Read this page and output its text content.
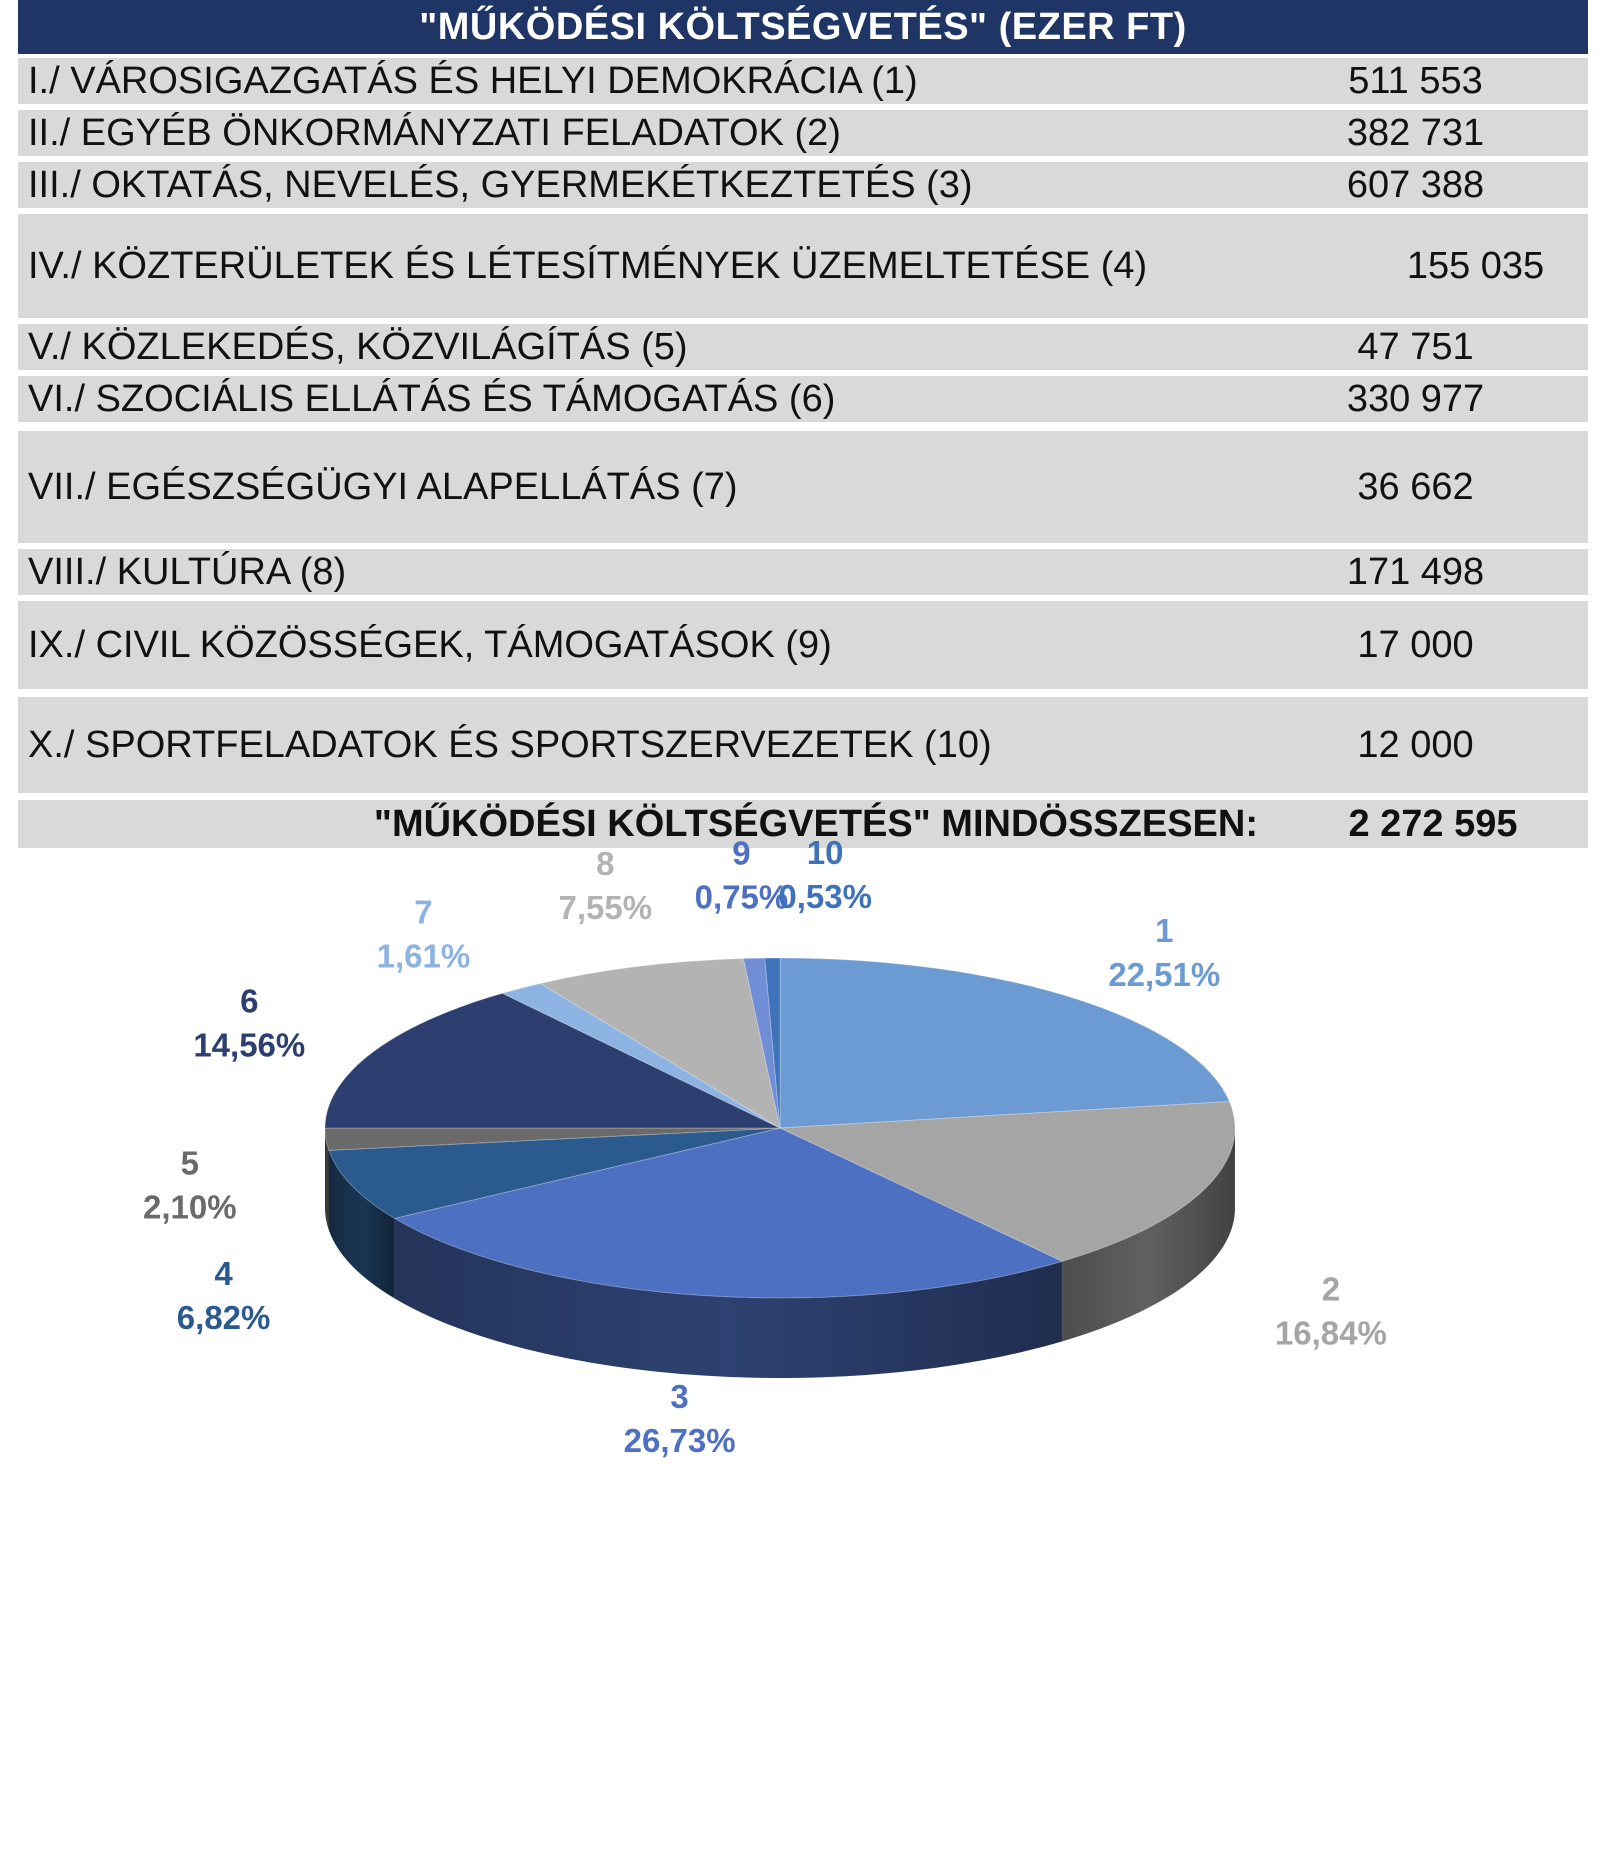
"MŰKÖDÉSI KÖLTSÉGVETÉS" (EZER FT)
I./ VÁROSIGAZGATÁS ÉS HELYI DEMOKRÁCIA (1)	511 553
II./ EGYÉB ÖNKORMÁNYZATI FELADATOK (2)	382 731
III./ OKTATÁS, NEVELÉS, GYERMEKÉTKEZTETÉS (3)	607 388
IV./ KÖZTERÜLETEK ÉS LÉTESÍTMÉNYEK ÜZEMELTETÉSE (4)	155 035
V./ KÖZLEKEDÉS, KÖZVILÁGÍTÁS (5)	47 751
VI./ SZOCIÁLIS ELLÁTÁS ÉS TÁMOGATÁS (6)	330 977
VII./ EGÉSZSÉGÜGYI ALAPELLÁTÁS (7)	36 662
VIII./ KULTÚRA (8)	171 498
IX./ CIVIL KÖZÖSSÉGEK, TÁMOGATÁSOK (9)	17 000
X./ SPORTFELADATOK ÉS SPORTSZERVEZETEK (10)	12 000
"MŰKÖDÉSI KÖLTSÉGVETÉS" MINDÖSSZESEN:	2 272 595
1
22,51%
2
16,84%
3
26,73%
4
6,82%
5
2,10%
6
14,56%
7
1,61%
8
7,55%
9
0,75%
10
0,53%
